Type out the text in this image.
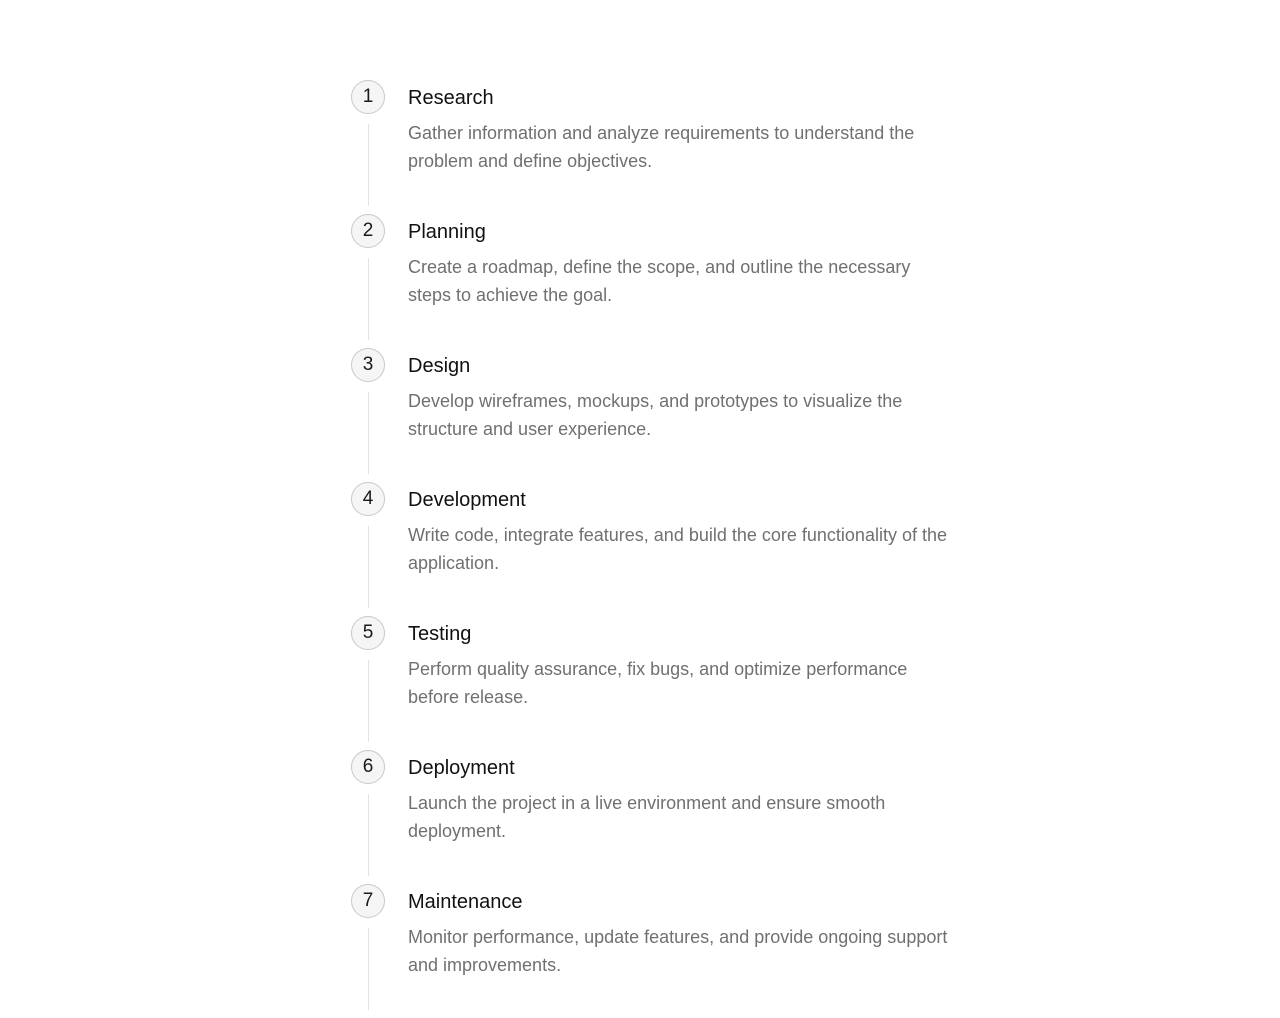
1	Research

Gather information and analyze requirements to understand the problem and define objectives.

2	Planning

Create a roadmap, define the scope, and outline the necessary steps to achieve the goal.

3	Design

Develop wireframes, mockups, and prototypes to visualize the structure and user experience.

4	Development

Write code, integrate features, and build the core functionality of the application.

5	Testing

Perform quality assurance, fix bugs, and optimize performance before release.

6	Deployment

Launch the project in a live environment and ensure smooth deployment.

7	Maintenance

Monitor performance, update features, and provide ongoing support and improvements.
